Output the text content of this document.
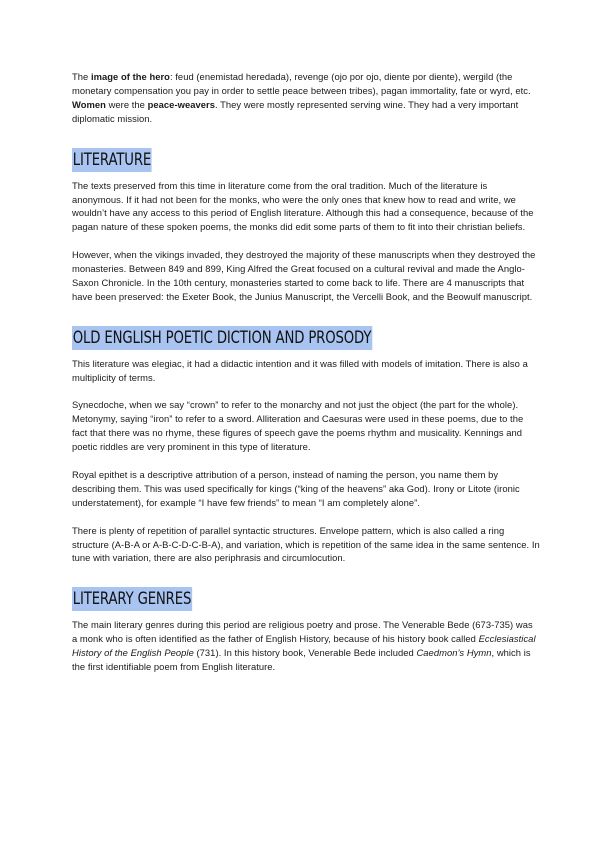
The image of the hero: feud (enemistad heredada), revenge (ojo por ojo, diente por diente), wergild (the monetary compensation you pay in order to settle peace between tribes), pagan immortality, fate or wyrd, etc. Women were the peace-weavers. They were mostly represented serving wine. They had a very important diplomatic mission.

LITERATURE

The texts preserved from this time in literature come from the oral tradition. Much of the literature is anonymous. If it had not been for the monks, who were the only ones that knew how to read and write, we wouldn’t have any access to this period of English literature. Although this had a consequence, because of the pagan nature of these spoken poems, the monks did edit some parts of them to fit into their christian beliefs.

However, when the vikings invaded, they destroyed the majority of these manuscripts when they destroyed the monasteries. Between 849 and 899, King Alfred the Great focused on a cultural revival and made the Anglo-Saxon Chronicle. In the 10th century, monasteries started to come back to life. There are 4 manuscripts that have been preserved: the Exeter Book, the Junius Manuscript, the Vercelli Book, and the Beowulf manuscript.

OLD ENGLISH POETIC DICTION AND PROSODY

This literature was elegiac, it had a didactic intention and it was filled with models of imitation. There is also a multiplicity of terms.

Synecdoche, when we say “crown” to refer to the monarchy and not just the object (the part for the whole). Metonymy, saying “iron” to refer to a sword. Alliteration and Caesuras were used in these poems, due to the fact that there was no rhyme, these figures of speech gave the poems rhythm and musicality. Kennings and poetic riddles are very prominent in this type of literature.

Royal epithet is a descriptive attribution of a person, instead of naming the person, you name them by describing them. This was used specifically for kings (“king of the heavens” aka God). Irony or Litote (ironic understatement), for example “I have few friends” to mean “I am completely alone”.

There is plenty of repetition of parallel syntactic structures. Envelope pattern, which is also called a ring structure (A-B-A or A-B-C-D-C-B-A), and variation, which is repetition of the same idea in the same sentence. In tune with variation, there are also periphrasis and circumlocution.

LITERARY GENRES

The main literary genres during this period are religious poetry and prose. The Venerable Bede (673-735) was a monk who is often identified as the father of English History, because of his history book called Ecclesiastical History of the English People (731). In this history book, Venerable Bede included Caedmon’s Hymn, which is the first identifiable poem from English literature.
